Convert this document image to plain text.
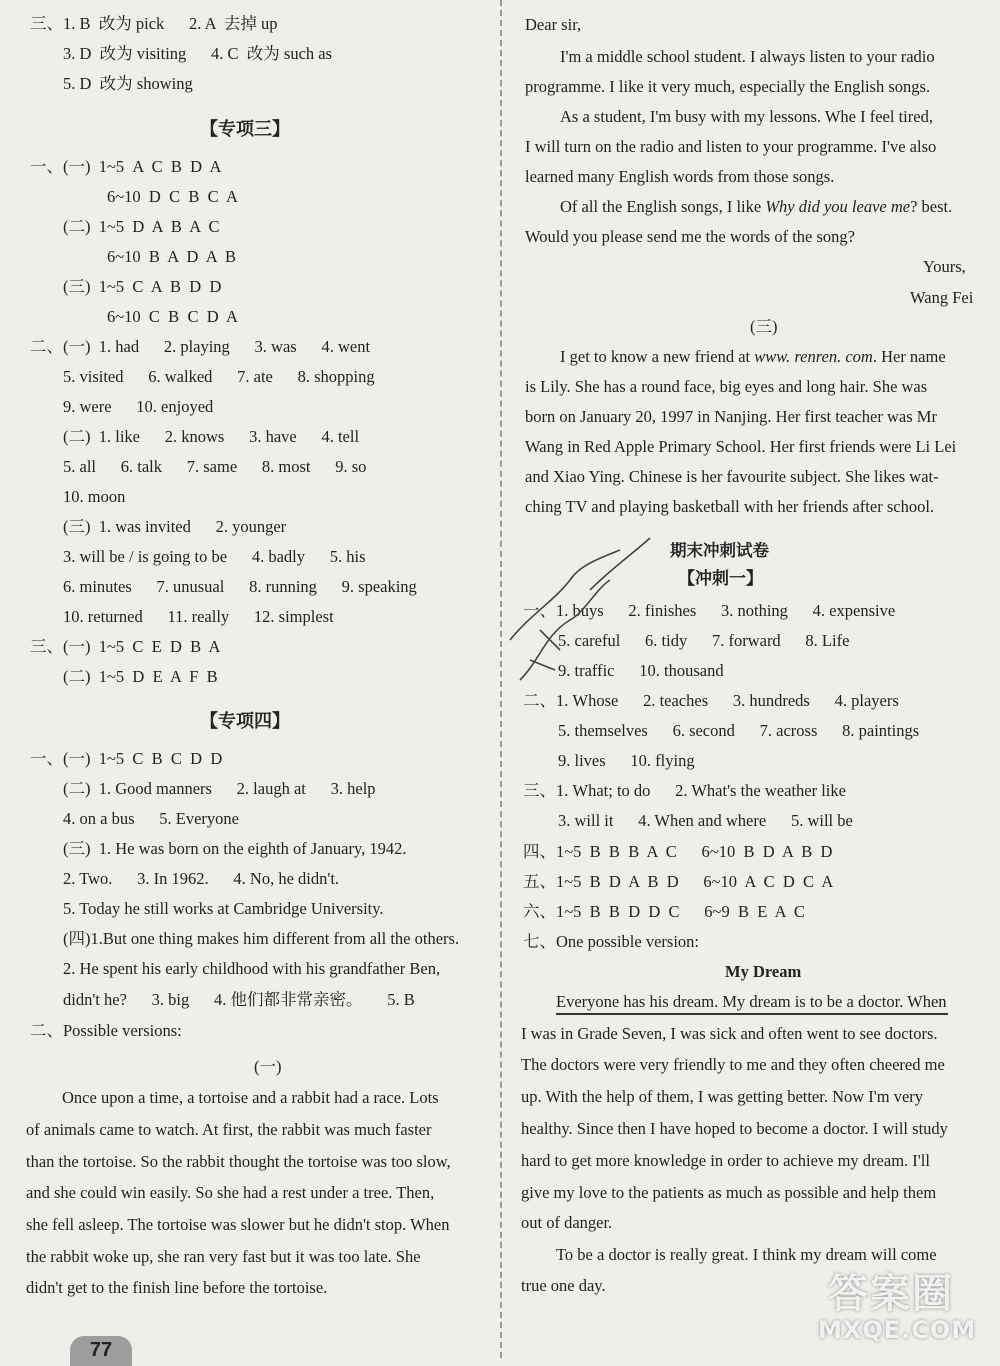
三、1. B  改为 pick      2. A  去掉 up
3. D  改为 visiting      4. C  改为 such as
5. D  改为 showing
【专项三】
一、(一)  1~5  A  C  B  D  A
6~10  D  C  B  C  A
(二)  1~5  D  A  B  A  C
6~10  B  A  D  A  B
(三)  1~5  C  A  B  D  D
6~10  C  B  C  D  A
二、(一)  1. had      2. playing      3. was      4. went
5. visited      6. walked      7. ate      8. shopping
9. were      10. enjoyed
(二)  1. like      2. knows      3. have      4. tell
5. all      6. talk      7. same      8. most      9. so
10. moon
(三)  1. was invited      2. younger
3. will be / is going to be      4. badly      5. his
6. minutes      7. unusual      8. running      9. speaking
10. returned      11. really      12. simplest
三、(一)  1~5  C  E  D  B  A
(二)  1~5  D  E  A  F  B
【专项四】
一、(一)  1~5  C  B  C  D  D
(二)  1. Good manners      2. laugh at      3. help
4. on a bus      5. Everyone
(三)  1. He was born on the eighth of January, 1942.
2. Two.      3. In 1962.      4. No, he didn't.
5. Today he still works at Cambridge University.
(四)1.But one thing makes him different from all the others.
2. He spent his early childhood with his grandfather Ben,
didn't he?      3. big      4. 他们都非常亲密。      5. B
二、Possible versions:
(一)
Once upon a time, a tortoise and a rabbit had a race. Lots
of animals came to watch. At first, the rabbit was much faster
than the tortoise. So the rabbit thought the tortoise was too slow,
and she could win easily. So she had a rest under a tree. Then,
she fell asleep. The tortoise was slower but he didn't stop. When
the rabbit woke up, she ran very fast but it was too late. She
didn't get to the finish line before the tortoise.
Dear sir,
I'm a middle school student. I always listen to your radio
programme. I like it very much, especially the English songs.
As a student, I'm busy with my lessons. Whe I feel tired,
I will turn on the radio and listen to your programme. I've also
learned many English words from those songs.
Of all the English songs, I like Why did you leave me? best.
Would you please send me the words of the song?
Yours,
Wang Fei
(三)
I get to know a new friend at www. renren. com. Her name
is Lily. She has a round face, big eyes and long hair. She was
born on January 20, 1997 in Nanjing. Her first teacher was Mr
Wang in Red Apple Primary School. Her first friends were Li Lei
and Xiao Ying. Chinese is her favourite subject. She likes wat-
ching TV and playing basketball with her friends after school.
期末冲刺试卷
【冲刺一】
一、1. buys      2. finishes      3. nothing      4. expensive
5. careful      6. tidy      7. forward      8. Life
9. traffic      10. thousand
二、1. Whose      2. teaches      3. hundreds      4. players
5. themselves      6. second      7. across      8. paintings
9. lives      10. flying
三、1. What; to do      2. What's the weather like
3. will it      4. When and where      5. will be
四、1~5  B  B  B  A  C      6~10  B  D  A  B  D
五、1~5  B  D  A  B  D      6~10  A  C  D  C  A
六、1~5  B  B  D  D  C      6~9  B  E  A  C
七、One possible version:
My Dream
Everyone has his dream. My dream is to be a doctor. When
I was in Grade Seven, I was sick and often went to see doctors.
The doctors were very friendly to me and they often cheered me
up. With the help of them, I was getting better. Now I'm very
healthy. Since then I have hoped to become a doctor. I will study
hard to get more knowledge in order to achieve my dream. I'll
give my love to the patients as much as possible and help them
out of danger.
To be a doctor is really great. I think my dream will come
true one day.
77
答案圈
MXQE.COM
